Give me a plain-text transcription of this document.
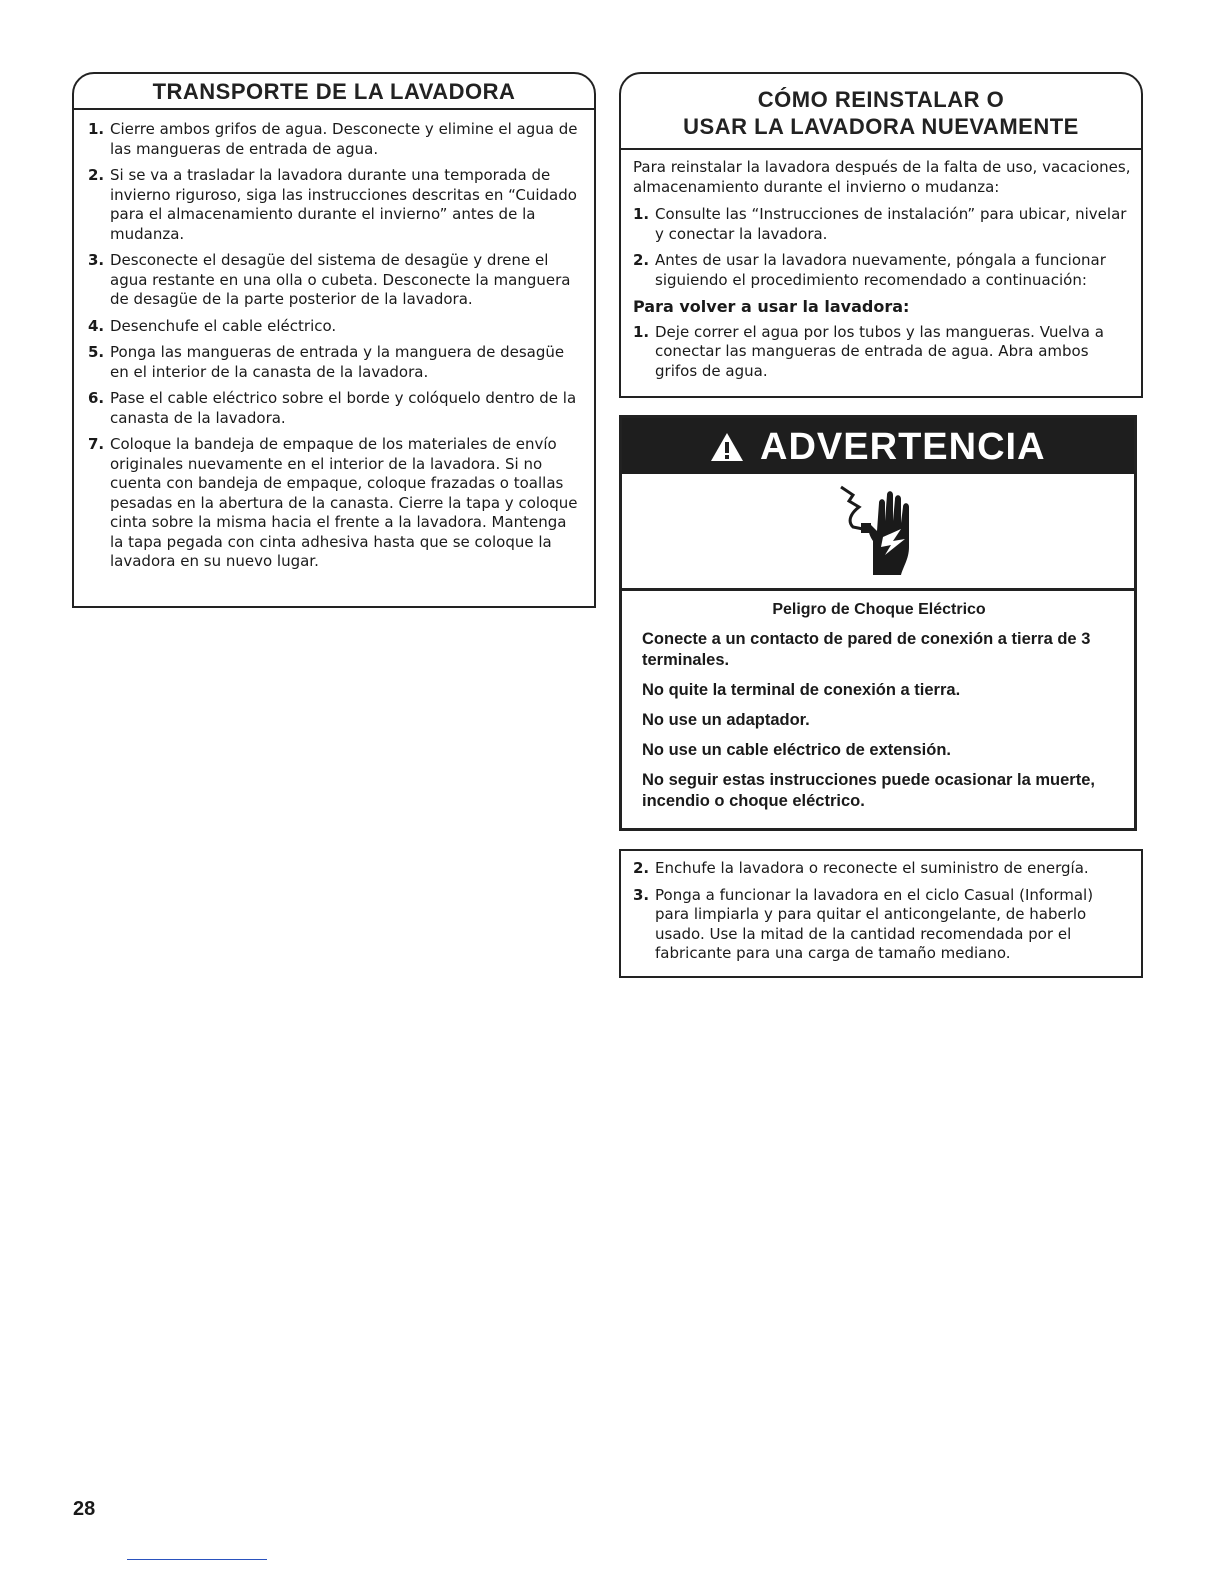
TRANSPORTE DE LA LAVADORA
1. Cierre ambos grifos de agua. Desconecte y elimine el agua de las mangueras de entrada de agua.
2. Si se va a trasladar la lavadora durante una temporada de invierno riguroso, siga las instrucciones descritas en “Cuidado para el almacenamiento durante el invierno” antes de la mudanza.
3. Desconecte el desagüe del sistema de desagüe y drene el agua restante en una olla o cubeta. Desconecte la manguera de desagüe de la parte posterior de la lavadora.
4. Desenchufe el cable eléctrico.
5. Ponga las mangueras de entrada y la manguera de desagüe en el interior de la canasta de la lavadora.
6. Pase el cable eléctrico sobre el borde y colóquelo dentro de la canasta de la lavadora.
7. Coloque la bandeja de empaque de los materiales de envío originales nuevamente en el interior de la lavadora. Si no cuenta con bandeja de empaque, coloque frazadas o toallas pesadas en la abertura de la canasta. Cierre la tapa y coloque cinta sobre la misma hacia el frente a la lavadora. Mantenga la tapa pegada con cinta adhesiva hasta que se coloque la lavadora en su nuevo lugar.
CÓMO REINSTALAR O
USAR LA LAVADORA NUEVAMENTE
Para reinstalar la lavadora después de la falta de uso, vacaciones, almacenamiento durante el invierno o mudanza:
1. Consulte las “Instrucciones de instalación” para ubicar, nivelar y conectar la lavadora.
2. Antes de usar la lavadora nuevamente, póngala a funcionar siguiendo el procedimiento recomendado a continuación:
Para volver a usar la lavadora:
1. Deje correr el agua por los tubos y las mangueras. Vuelva a conectar las mangueras de entrada de agua. Abra ambos grifos de agua.
ADVERTENCIA
Peligro de Choque Eléctrico
Conecte a un contacto de pared de conexión a tierra de 3 terminales.
No quite la terminal de conexión a tierra.
No use un adaptador.
No use un cable eléctrico de extensión.
No seguir estas instrucciones puede ocasionar la muerte, incendio o choque eléctrico.
2. Enchufe la lavadora o reconecte el suministro de energía.
3. Ponga a funcionar la lavadora en el ciclo Casual (Informal) para limpiarla y para quitar el anticongelante, de haberlo usado. Use la mitad de la cantidad recomendada por el fabricante para una carga de tamaño mediano.
28
